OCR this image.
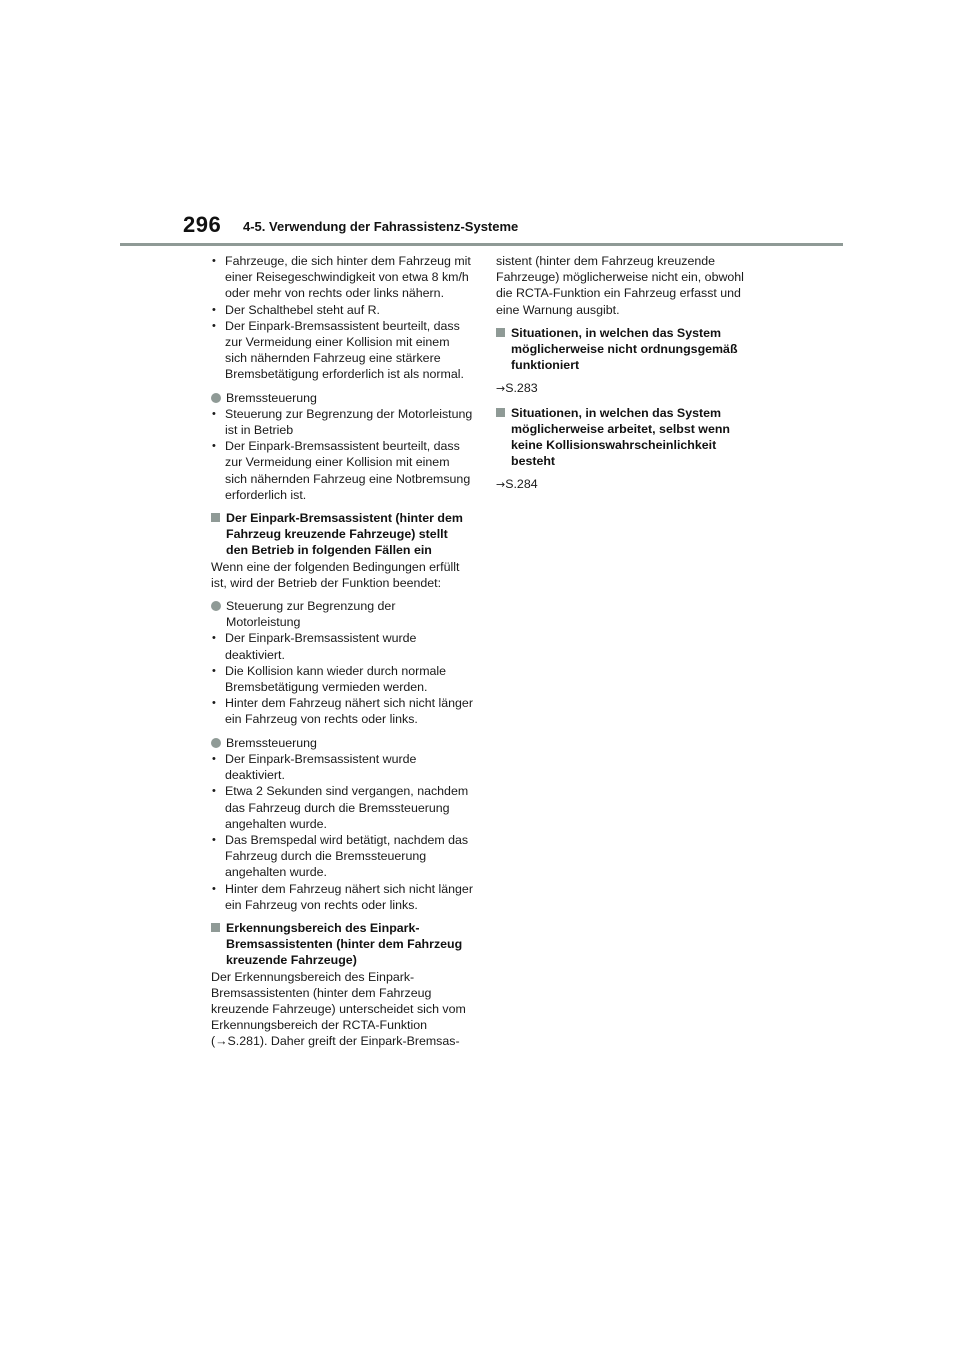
296 4-5. Verwendung der Fahrassistenz-Systeme
• Fahrzeuge, die sich hinter dem Fahrzeug mit einer Reisegeschwindigkeit von etwa 8 km/h oder mehr von rechts oder links nähern.
• Der Schalthebel steht auf R.
• Der Einpark-Bremsassistent beurteilt, dass zur Vermeidung einer Kollision mit einem sich nähernden Fahrzeug eine stärkere Bremsbetätigung erforderlich ist als normal.
Bremssteuerung
• Steuerung zur Begrenzung der Motorleistung ist in Betrieb
• Der Einpark-Bremsassistent beurteilt, dass zur Vermeidung einer Kollision mit einem sich nähernden Fahrzeug eine Notbremsung erforderlich ist.
Der Einpark-Bremsassistent (hinter dem Fahrzeug kreuzende Fahrzeuge) stellt den Betrieb in folgenden Fällen ein

Wenn eine der folgenden Bedingungen erfüllt ist, wird der Betrieb der Funktion beendet:

Steuerung zur Begrenzung der Motorleistung
• Der Einpark-Bremsassistent wurde deaktiviert.
• Die Kollision kann wieder durch normale Bremsbetätigung vermieden werden.
• Hinter dem Fahrzeug nähert sich nicht länger ein Fahrzeug von rechts oder links.
Bremssteuerung
• Der Einpark-Bremsassistent wurde deaktiviert.
• Etwa 2 Sekunden sind vergangen, nachdem das Fahrzeug durch die Bremssteuerung angehalten wurde.
• Das Bremspedal wird betätigt, nachdem das Fahrzeug durch die Bremssteuerung angehalten wurde.
• Hinter dem Fahrzeug nähert sich nicht länger ein Fahrzeug von rechts oder links.
Erkennungsbereich des Einpark-Bremsassistenten (hinter dem Fahrzeug kreuzende Fahrzeuge)

Der Erkennungsbereich des Einpark-Bremsassistenten (hinter dem Fahrzeug kreuzende Fahrzeuge) unterscheidet sich vom Erkennungsbereich der RCTA-Funktion (→S.281). Daher greift der Einpark-Bremsas-

sistent (hinter dem Fahrzeug kreuzende Fahrzeuge) möglicherweise nicht ein, obwohl die RCTA-Funktion ein Fahrzeug erfasst und eine Warnung ausgibt.

Situationen, in welchen das System möglicherweise nicht ordnungsgemäß funktioniert

→S.283

Situationen, in welchen das System möglicherweise arbeitet, selbst wenn keine Kollisionswahrscheinlichkeit besteht

→S.284
